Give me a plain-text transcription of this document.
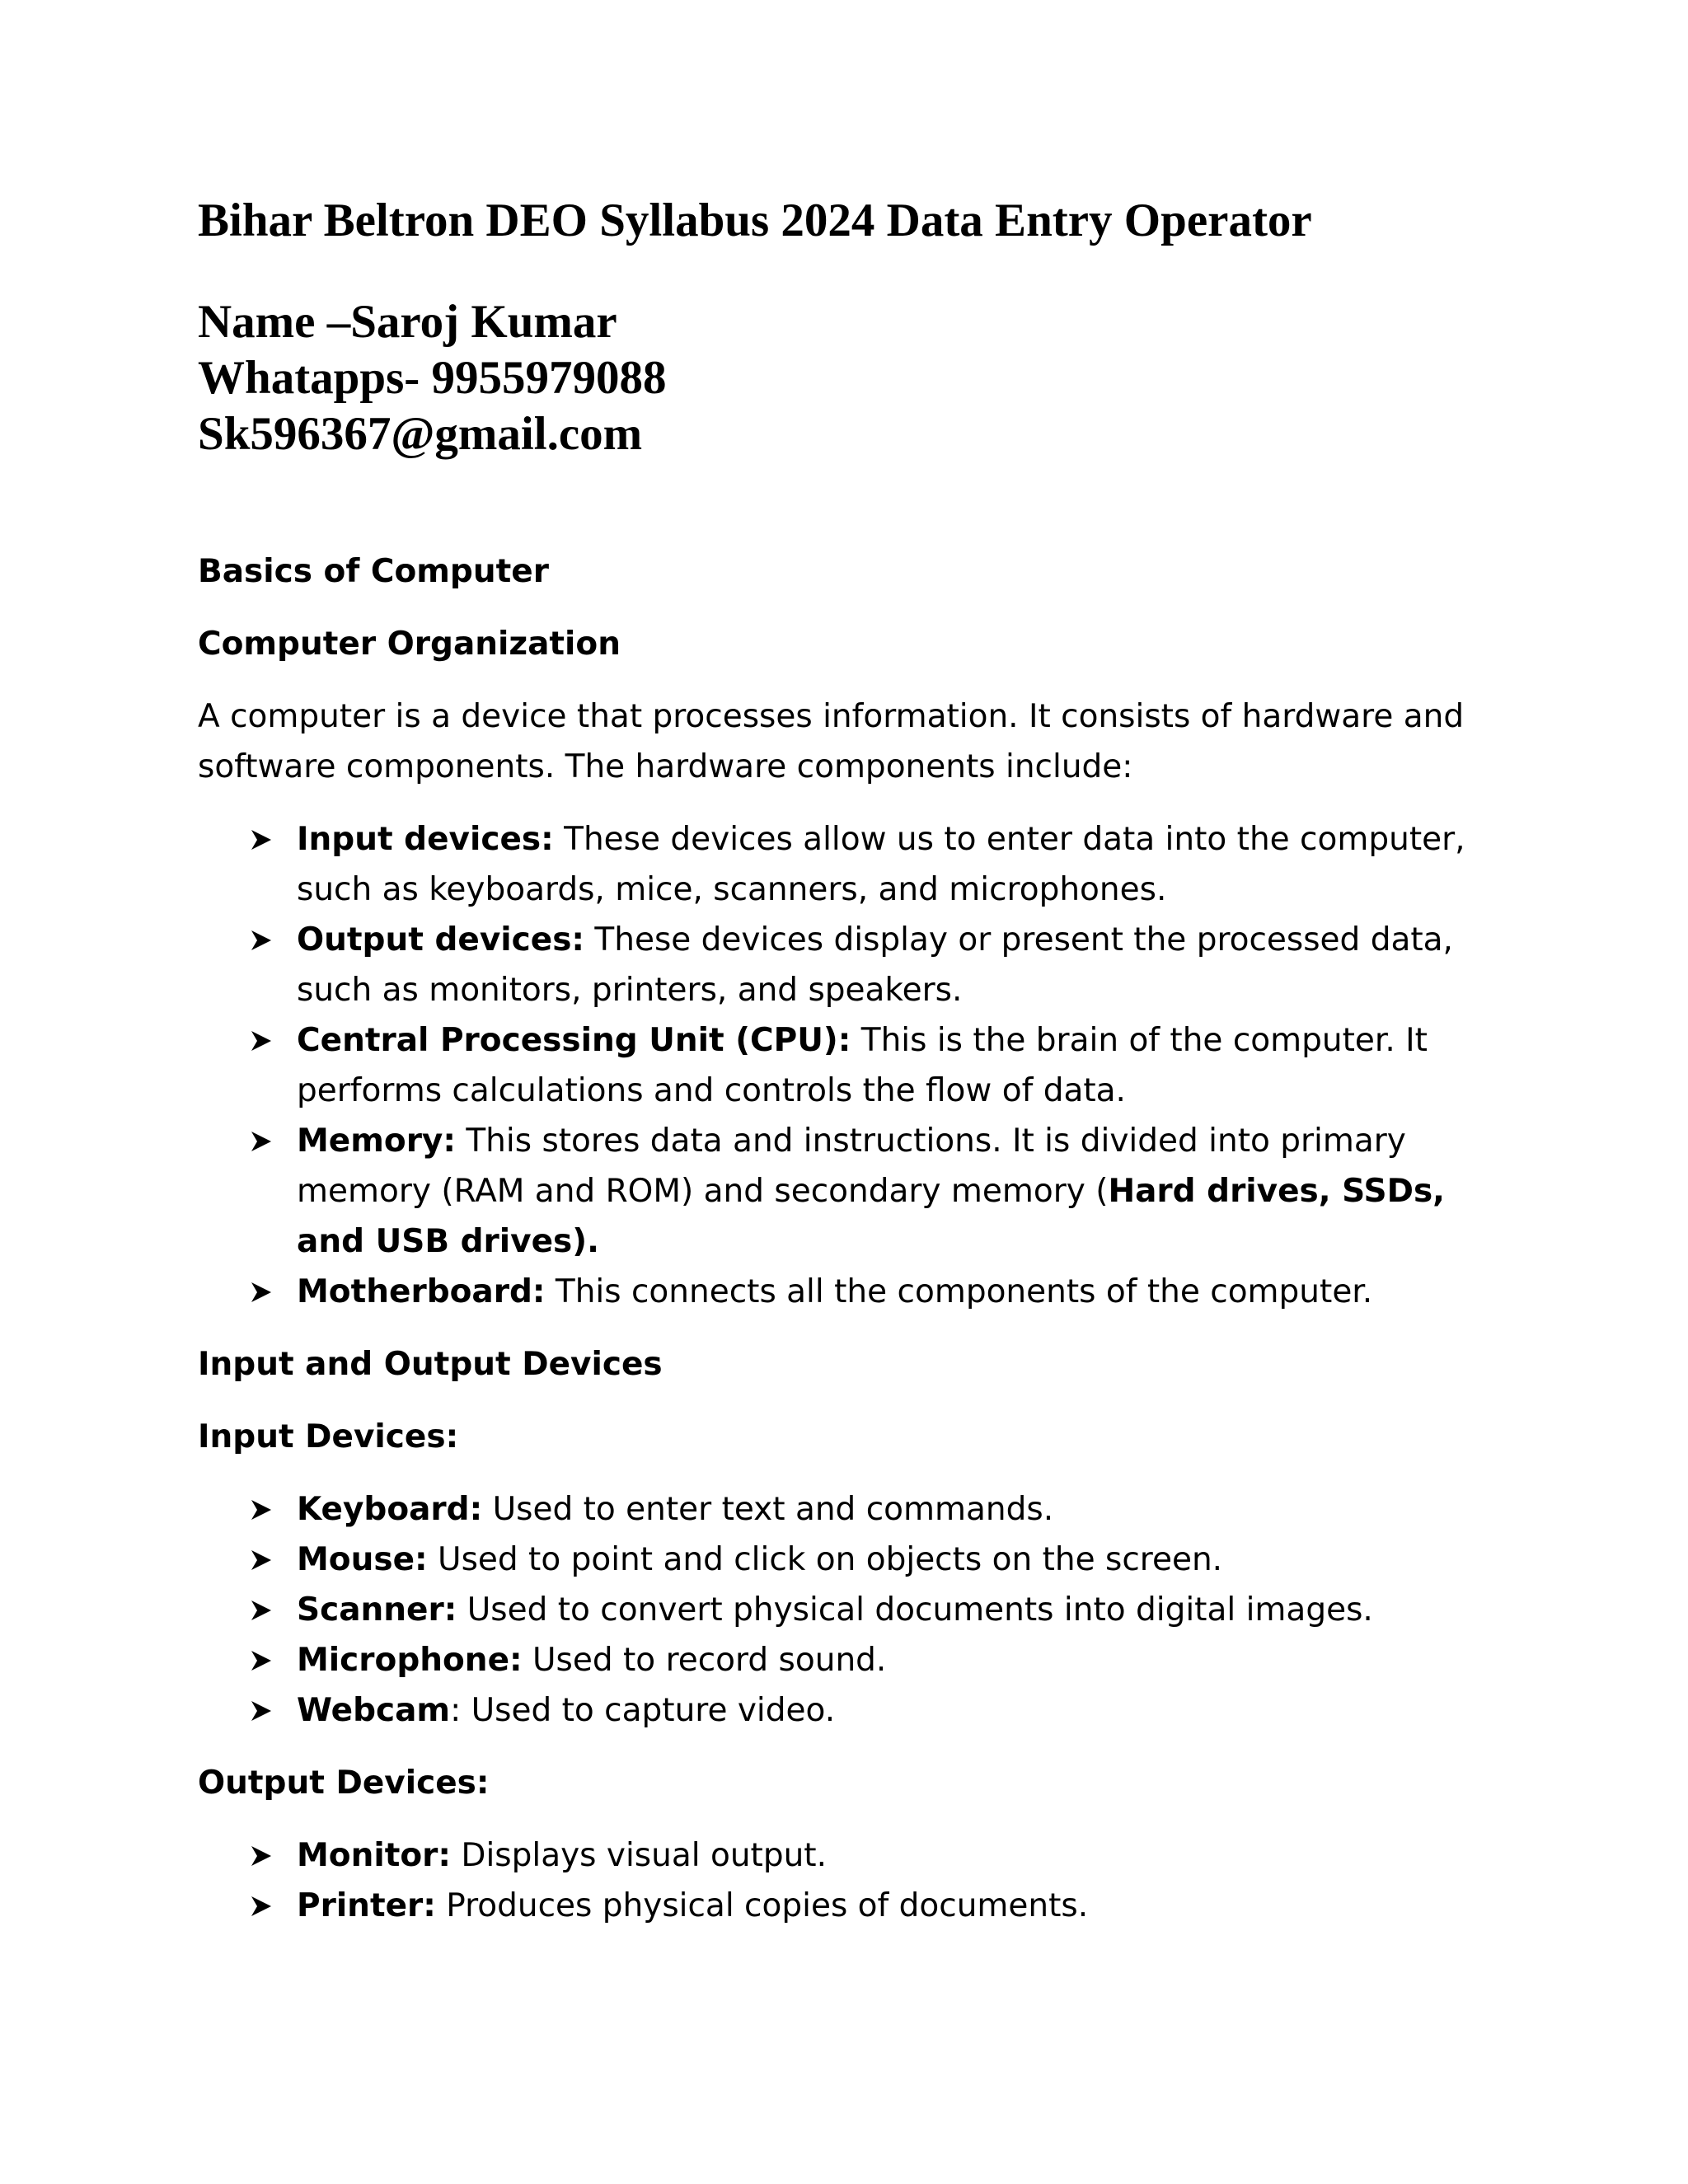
Bihar Beltron DEO Syllabus 2024 Data Entry Operator
Name –Saroj Kumar
Whatapps- 9955979088
Sk596367@gmail.com
Basics of Computer
Computer Organization

A computer is a device that processes information. It consists of hardware and software components. The hardware components include:

Input devices: These devices allow us to enter data into the computer, such as keyboards, mice, scanners, and microphones.
Output devices: These devices display or present the processed data, such as monitors, printers, and speakers.
Central Processing Unit (CPU): This is the brain of the computer. It performs calculations and controls the flow of data.
Memory: This stores data and instructions. It is divided into primary memory (RAM and ROM) and secondary memory (Hard drives, SSDs, and USB drives).
Motherboard: This connects all the components of the computer.
Input and Output Devices
Input Devices:
Keyboard: Used to enter text and commands.
Mouse: Used to point and click on objects on the screen.
Scanner: Used to convert physical documents into digital images.
Microphone: Used to record sound.
Webcam: Used to capture video.
Output Devices:
Monitor: Displays visual output.
Printer: Produces physical copies of documents.
